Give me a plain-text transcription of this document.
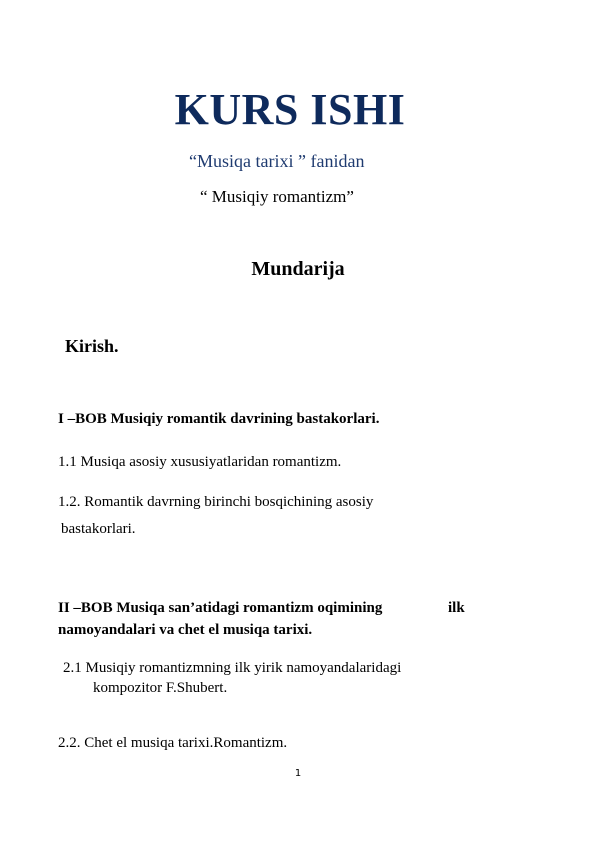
KURS ISHI
“Musiqa tarixi ” fanidan
“ Musiqiy romantizm”
Mundarija
Kirish.
I –BOB Musiqiy romantik davrining bastakorlari.
1.1 Musiqa asosiy xususiyatlaridan romantizm.
1.2. Romantik davrning birinchi bosqichining asosiy
bastakorlari.
II –BOB Musiqa san’atidagi romantizm oqimining	ilk
namoyandalari va chet el musiqa tarixi.
2.1 Musiqiy romantizmning ilk yirik namoyandalaridagi
kompozitor F.Shubert.
2.2. Chet el musiqa tarixi.Romantizm.
1
